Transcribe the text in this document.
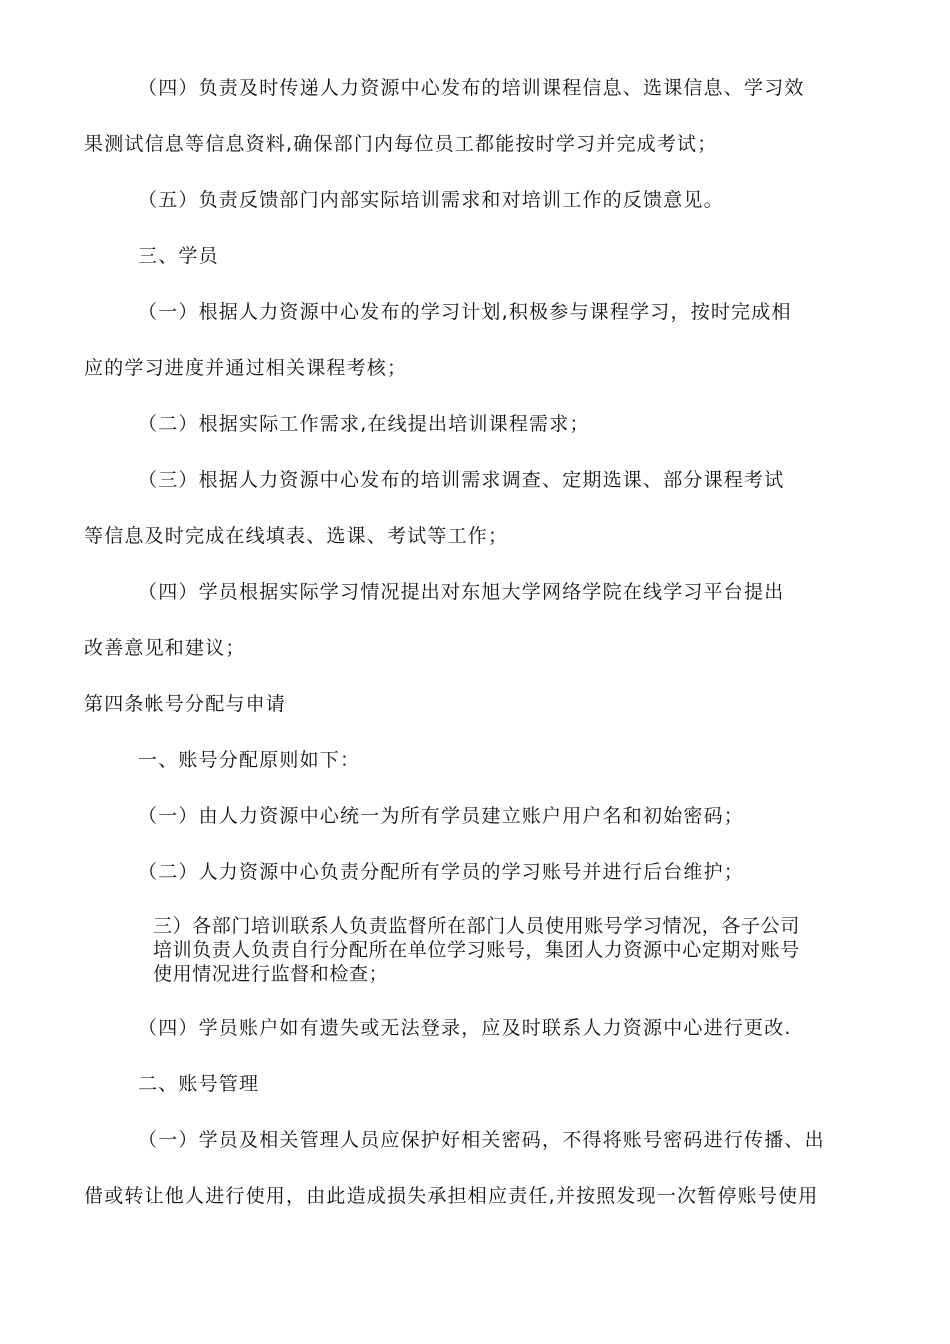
（四）负责及时传递人力资源中心发布的培训课程信息、选课信息、学习效
果测试信息等信息资料,确保部门内每位员工都能按时学习并完成考试；
（五）负责反馈部门内部实际培训需求和对培训工作的反馈意见。
三、学员
（一）根据人力资源中心发布的学习计划,积极参与课程学习，按时完成相
应的学习进度并通过相关课程考核；
（二）根据实际工作需求,在线提出培训课程需求；
（三）根据人力资源中心发布的培训需求调查、定期选课、部分课程考试
等信息及时完成在线填表、选课、考试等工作；
（四）学员根据实际学习情况提出对东旭大学网络学院在线学习平台提出
改善意见和建议；
第四条帐号分配与申请
一、账号分配原则如下：
（一）由人力资源中心统一为所有学员建立账户用户名和初始密码；
（二）人力资源中心负责分配所有学员的学习账号并进行后台维护；
三）各部门培训联系人负责监督所在部门人员使用账号学习情况，各子公司
培训负责人负责自行分配所在单位学习账号，集团人力资源中心定期对账号
使用情况进行监督和检查；
（四）学员账户如有遗失或无法登录，应及时联系人力资源中心进行更改.
二、账号管理
（一）学员及相关管理人员应保护好相关密码，不得将账号密码进行传播、出
借或转让他人进行使用，由此造成损失承担相应责任,并按照发现一次暂停账号使用
